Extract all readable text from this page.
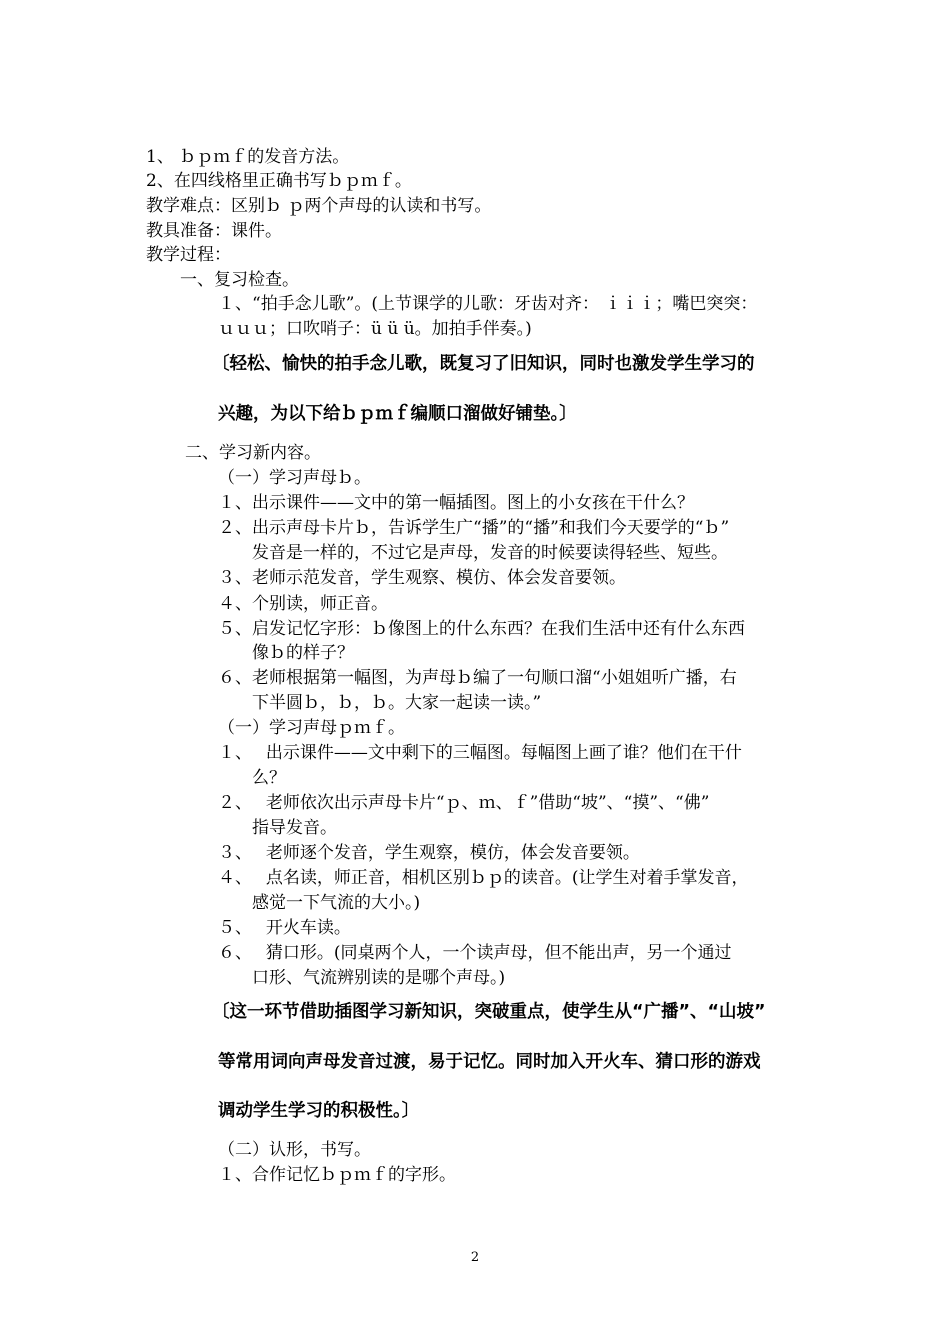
1、 ｂｐｍｆ的发音方法。
2、在四线格里正确书写ｂｐｍｆ。
教学难点：区别ｂ ｐ两个声母的认读和书写。
教具准备：课件。
教学过程：
一、复习检查。
１、“拍手念儿歌”。(上节课学的儿歌：牙齿对齐： ｉｉｉ；嘴巴突突：
ｕｕｕ；口吹哨子：ü ü ü。加拍手伴奏。)
〔轻松、愉快的拍手念儿歌，既复习了旧知识，同时也激发学生学习的
兴趣，为以下给ｂｐｍｆ编顺口溜做好铺垫。〕
二、学习新内容。
（一）学习声母ｂ。
１、出示课件——文中的第一幅插图。图上的小女孩在干什么？
２、出示声母卡片ｂ，告诉学生广“播”的“播”和我们今天要学的“ｂ”
发音是一样的，不过它是声母，发音的时候要读得轻些、短些。
３、老师示范发音，学生观察、模仿、体会发音要领。
４、个别读，师正音。
５、启发记忆字形：ｂ像图上的什么东西？在我们生活中还有什么东西
像ｂ的样子？
６、老师根据第一幅图，为声母ｂ编了一句顺口溜“小姐姐听广播，右
下半圆ｂ，ｂ，ｂ。大家一起读一读。”
（一）学习声母ｐｍｆ。
１、　 出示课件——文中剩下的三幅图。每幅图上画了谁？他们在干什
么？
２、　 老师依次出示声母卡片“ｐ、ｍ、ｆ”借助“坡”、“摸”、“佛”
指导发音。
３、　 老师逐个发音，学生观察，模仿，体会发音要领。
４、　 点名读，师正音，相机区别ｂｐ的读音。(让学生对着手掌发音，
感觉一下气流的大小。)
５、　 开火车读。
６、　 猜口形。(同桌两个人，一个读声母，但不能出声，另一个通过
口形、气流辨别读的是哪个声母。)
〔这一环节借助插图学习新知识，突破重点，使学生从“广播”、“山坡”
等常用词向声母发音过渡，易于记忆。同时加入开火车、猜口形的游戏
调动学生学习的积极性。〕
（二）认形，书写。
１、合作记忆ｂｐｍｆ的字形。
2
